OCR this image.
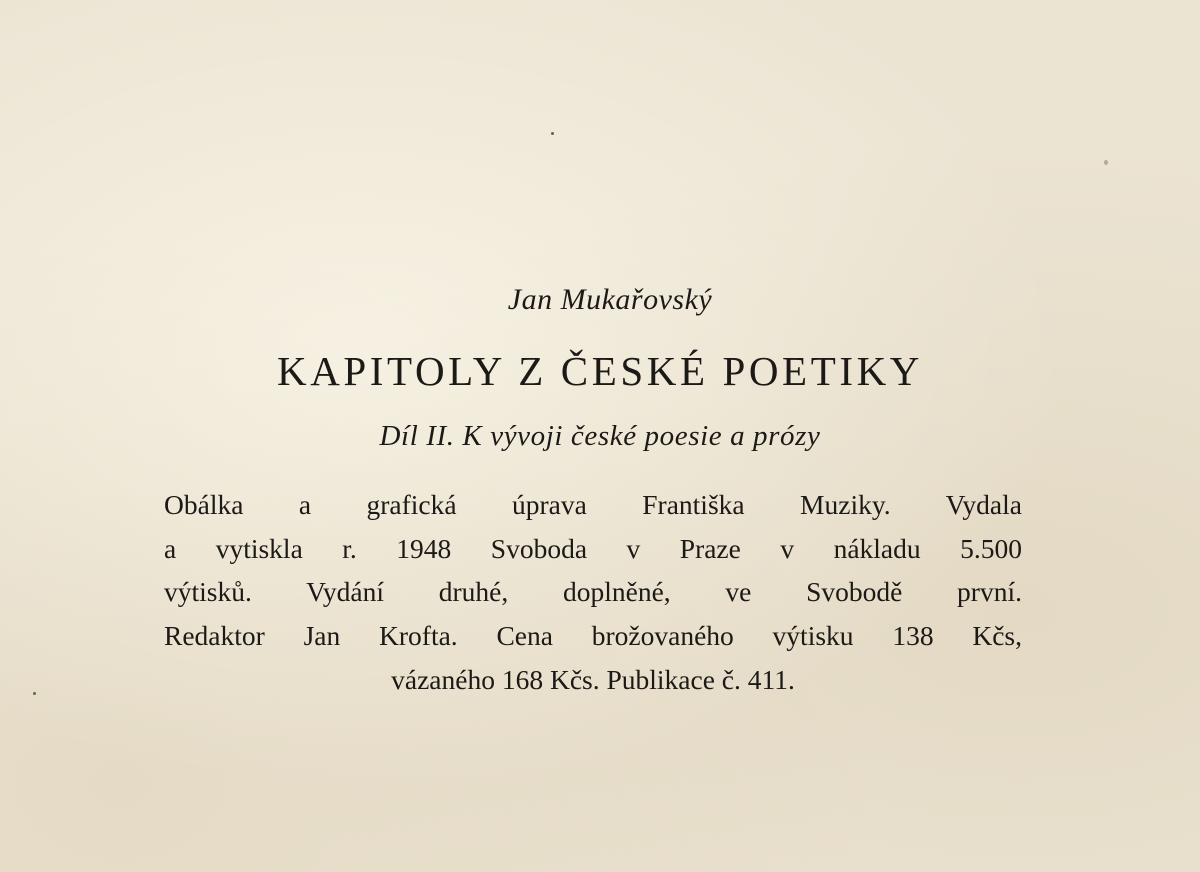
Jan Mukařovský
KAPITOLY Z ČESKÉ POETIKY
Díl II. K vývoji české poesie a prózy
Obálka a grafická úprava Františka Muziky. Vydala
a vytiskla r. 1948 Svoboda v Praze v nákladu 5.500
výtisků. Vydání druhé, doplněné, ve Svobodě první.
Redaktor Jan Krofta. Cena brožovaného výtisku 138 Kčs,
vázaného 168 Kčs. Publikace č. 411.
